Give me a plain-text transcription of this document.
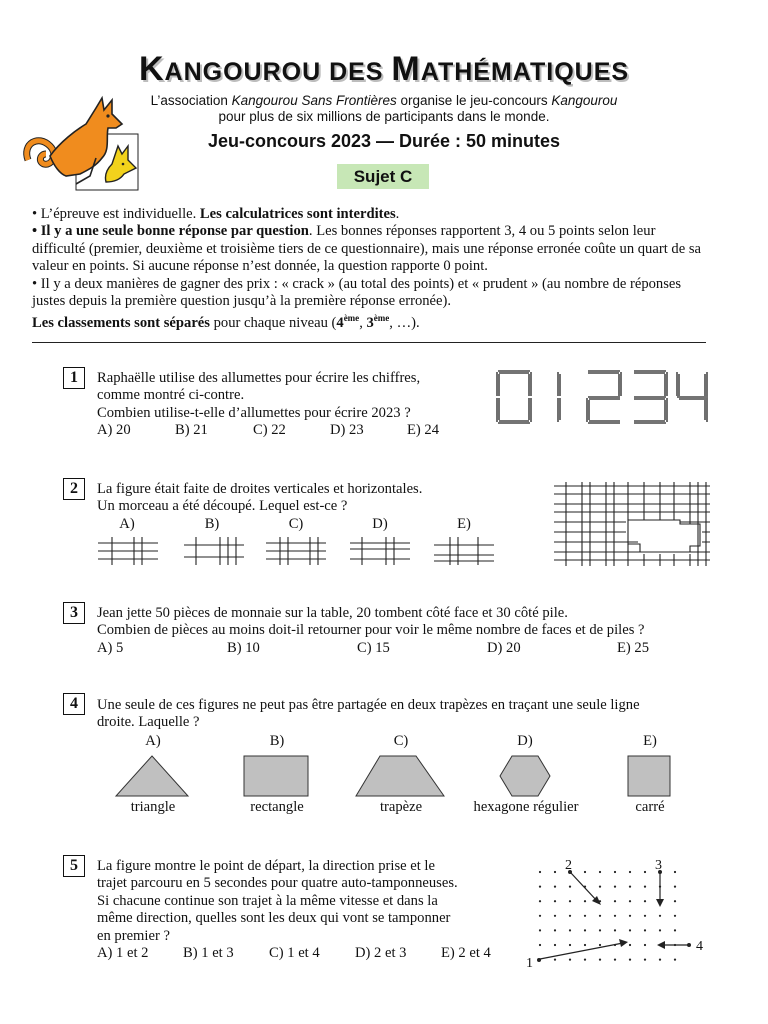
KANGOUROU DES MATHÉMATIQUES
L’association Kangourou Sans Frontières organise le jeu-concours Kangourou
pour plus de six millions de participants dans le monde.
Jeu-concours 2023 — Durée : 50 minutes
Sujet C

• L’épreuve est individuelle. Les calculatrices sont interdites.

• Il y a une seule bonne réponse par question. Les bonnes réponses rapportent 3, 4 ou 5 points selon leur difficulté (premier, deuxième et troisième tiers de ce questionnaire), mais une réponse erronée coûte un quart de sa valeur en points. Si aucune réponse n’est donnée, la question rapporte 0 point.

• Il y a deux manières de gagner des prix : « crack » (au total des points) et « prudent » (au nombre de réponses justes depuis la première question jusqu’à la première réponse erronée).

Les classements sont séparés pour chaque niveau (4ème, 3ème, …).

1	Raphaëlle utilise des allumettes pour écrire les chiffres,
comme montré ci-contre.
Combien utilise-t-elle d’allumettes pour écrire 2023 ?
A) 20	B) 21	C) 22	D) 23	E) 24
2	La figure était faite de droites verticales et horizontales.
Un morceau a été découpé. Lequel est-ce ?
A)	B)	C)	D)	E)
3	Jean jette 50 pièces de monnaie sur la table, 20 tombent côté face et 30 côté pile.
Combien de pièces au moins doit-il retourner pour voir le même nombre de faces et de piles ?
A) 5	B) 10	C) 15	D) 20	E) 25
4	Une seule de ces figures ne peut pas être partagée en deux trapèzes en traçant une seule ligne
droite. Laquelle ?
A)	B)	C)	D)	E)
triangle	rectangle	trapèze	hexagone régulier	carré
5	La figure montre le point de départ, la direction prise et le
trajet parcouru en 5 secondes pour quatre auto-tamponneuses.
Si chacune continue son trajet à la même vitesse et dans la
même direction, quelles sont les deux qui vont se tamponner
en premier ?
A) 1 et 2	B) 1 et 3	C) 1 et 4	D) 2 et 3	E) 2 et 4
2	3
4
1
